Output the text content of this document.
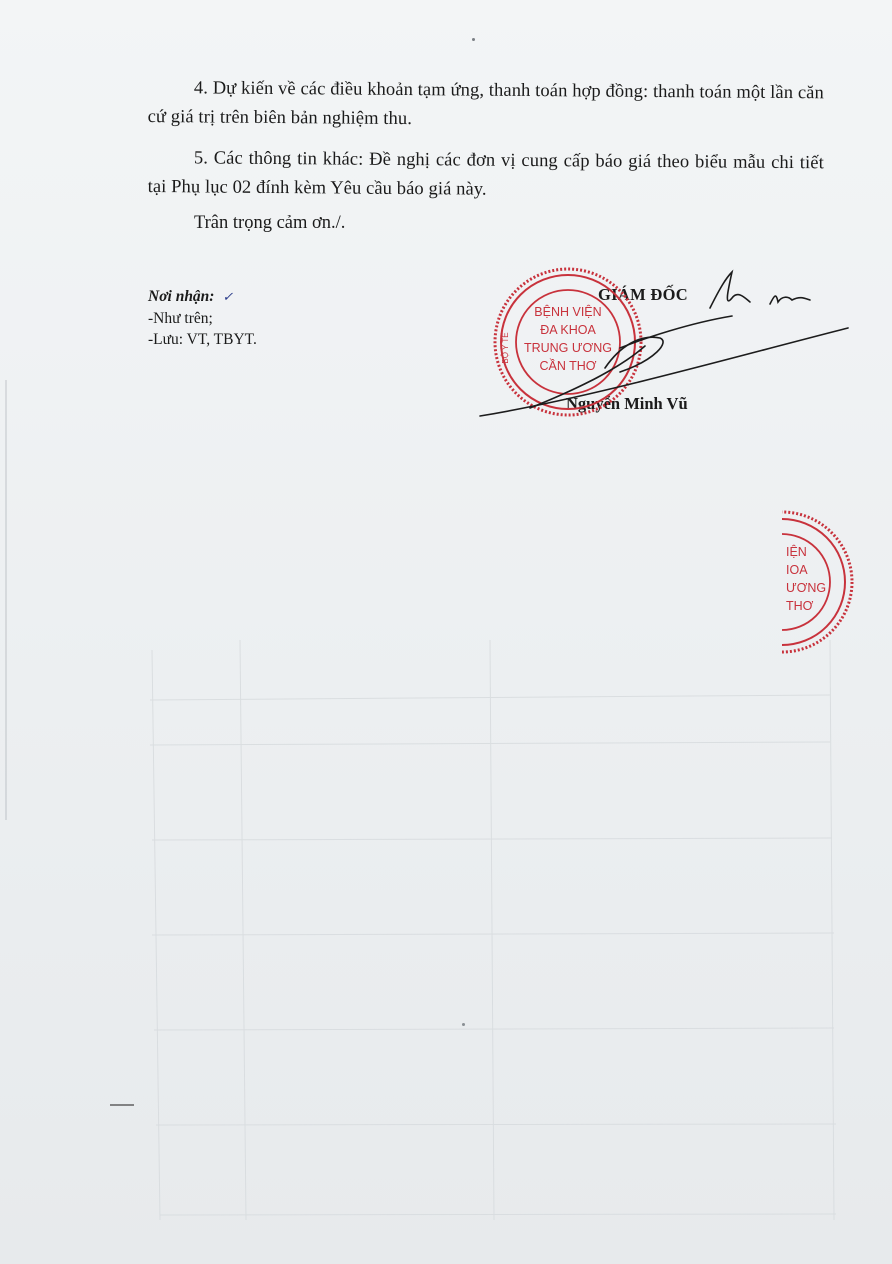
4. Dự kiến về các điều khoản tạm ứng, thanh toán hợp đồng: thanh toán một lần căn cứ giá trị trên biên bản nghiệm thu.
5. Các thông tin khác: Đề nghị các đơn vị cung cấp báo giá theo biểu mẫu chi tiết tại Phụ lục 02 đính kèm Yêu cầu báo giá này.
Trân trọng cảm ơn./.
Nơi nhận: ✓
-Như trên;
-Lưu: VT, TBYT.
GIÁM ĐỐC
Nguyễn Minh Vũ
BỆNH VIỆN
ĐA KHOA
TRUNG ƯƠNG
CẦN THƠ
BỘ Y TẾ
IỆN
IOA
ƯƠNG
THƠ
